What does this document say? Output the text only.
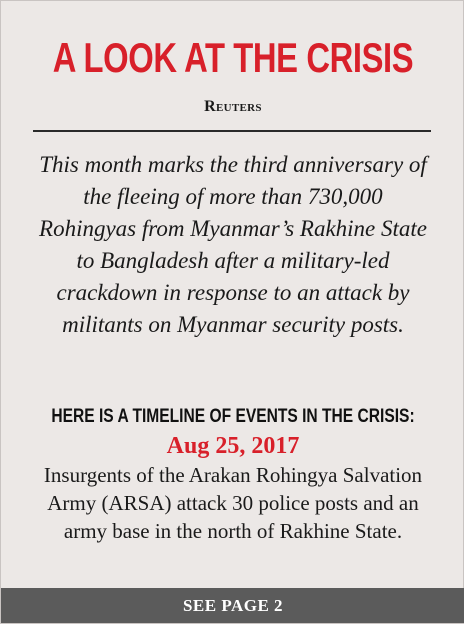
A LOOK AT THE CRISIS
Reuters
This month marks the third anniversary of the fleeing of more than 730,000 Rohingyas from Myanmar’s Rakhine State to Bangladesh after a military-led crackdown in response to an attack by militants on Myanmar security posts.
HERE IS A TIMELINE OF EVENTS IN THE CRISIS:
Aug 25, 2017
Insurgents of the Arakan Rohingya Salvation Army (ARSA) attack 30 police posts and an army base in the north of Rakhine State.
SEE PAGE 2
